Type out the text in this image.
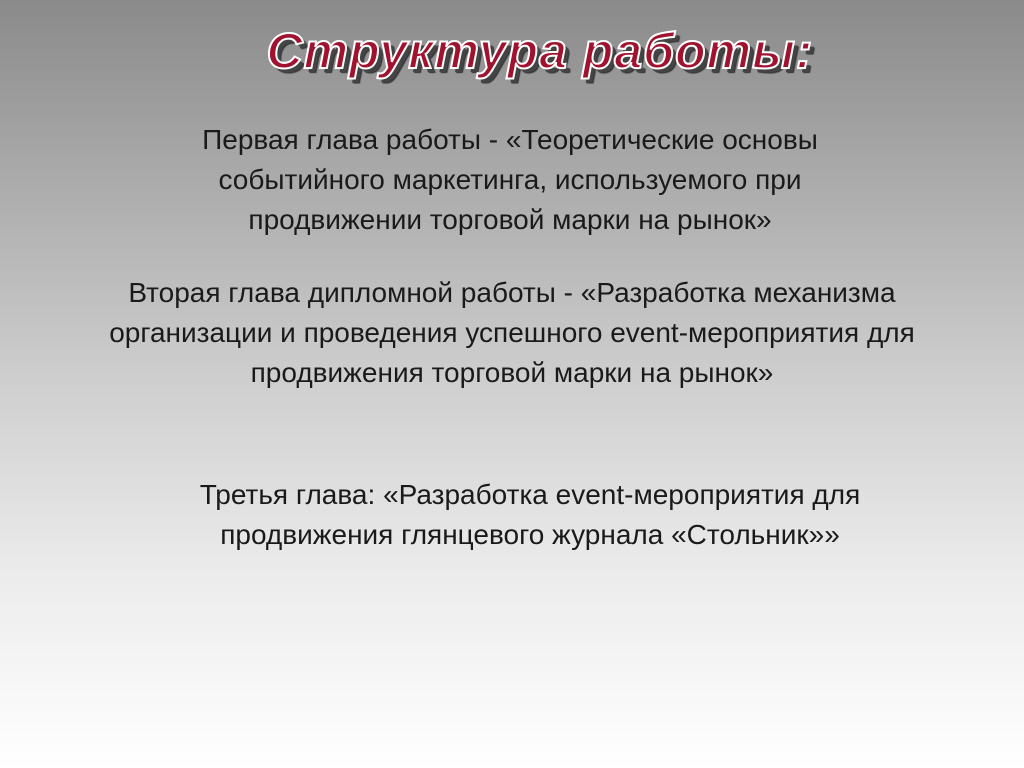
Структура работы:
Первая глава работы - «Теоретические основы событийного маркетинга, используемого при продвижении торговой марки на рынок»
Вторая глава дипломной работы - «Разработка механизма организации и проведения успешного event-мероприятия для продвижения торговой марки на рынок»
Третья глава: «Разработка event-мероприятия для продвижения глянцевого журнала «Стольник»»
